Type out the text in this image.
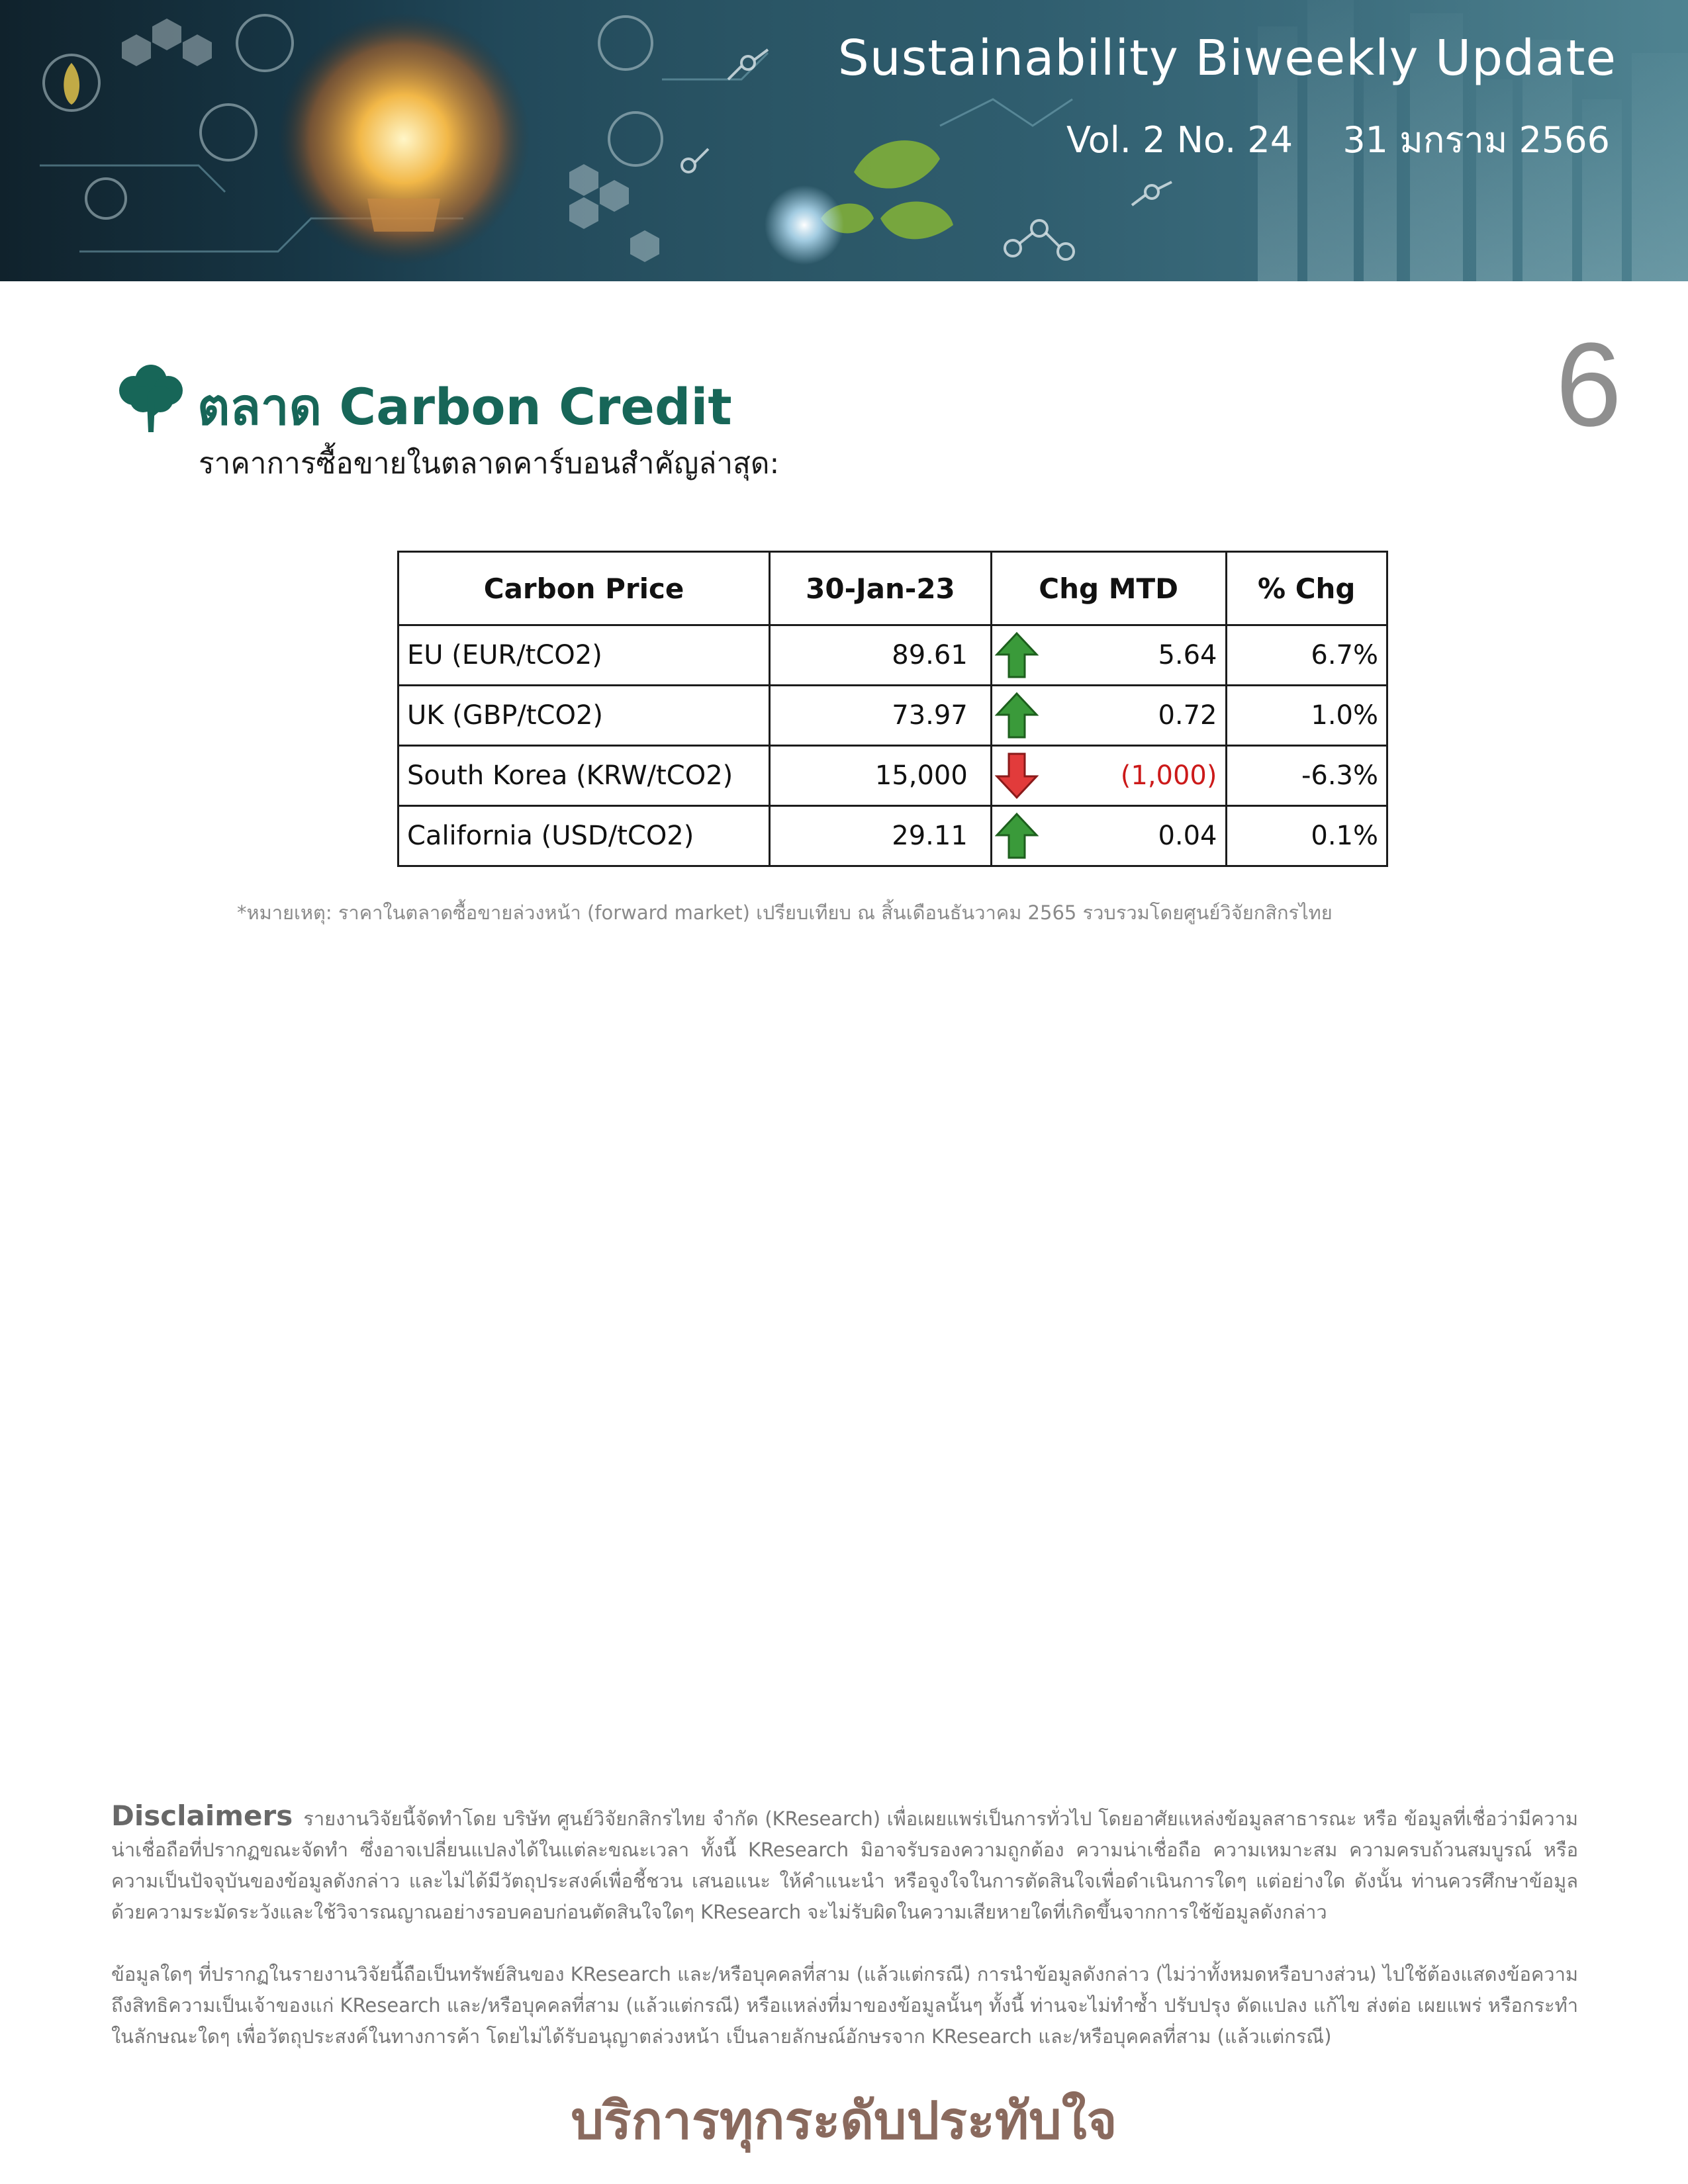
Sustainability Biweekly Update
Vol. 2 No. 24 31 มกราม 2566
ตลาด Carbon Credit	6
ราคาการซื้อขายในตลาดคาร์บอนสำคัญล่าสุด:
Carbon Price	30-Jan-23	Chg MTD	% Chg
EU (EUR/tCO2)	89.61	5.64	6.7%
UK (GBP/tCO2)	73.97	0.72	1.0%
South Korea (KRW/tCO2)	15,000	(1,000)	-6.3%
California (USD/tCO2)	29.11	0.04	0.1%
*หมายเหตุ: ราคาในตลาดซื้อขายล่วงหน้า (forward market) เปรียบเทียบ ณ สิ้นเดือนธันวาคม 2565 รวบรวมโดยศูนย์วิจัยกสิกรไทย
Disclaimers รายงานวิจัยนี้จัดทำโดย บริษัท ศูนย์วิจัยกสิกรไทย จำกัด (KResearch) เพื่อเผยแพร่เป็นการทั่วไป โดยอาศัยแหล่งข้อมูลสาธารณะ หรือ ข้อมูลที่เชื่อว่ามีความน่าเชื่อถือที่ปรากฏขณะจัดทำ ซึ่งอาจเปลี่ยนแปลงได้ในแต่ละขณะเวลา ทั้งนี้ KResearch มิอาจรับรองความถูกต้อง ความน่าเชื่อถือ ความเหมาะสม ความครบถ้วนสมบูรณ์ หรือความเป็นปัจจุบันของข้อมูลดังกล่าว และไม่ได้มีวัตถุประสงค์เพื่อชี้ชวน เสนอแนะ ให้คำแนะนำ หรือจูงใจในการตัดสินใจเพื่อดำเนินการใดๆ แต่อย่างใด ดังนั้น ท่านควรศึกษาข้อมูลด้วยความระมัดระวังและใช้วิจารณญาณอย่างรอบคอบก่อนตัดสินใจใดๆ KResearch จะไม่รับผิดในความเสียหายใดที่เกิดขึ้นจากการใช้ข้อมูลดังกล่าว
ข้อมูลใดๆ ที่ปรากฏในรายงานวิจัยนี้ถือเป็นทรัพย์สินของ KResearch และ/หรือบุคคลที่สาม (แล้วแต่กรณี) การนำข้อมูลดังกล่าว (ไม่ว่าทั้งหมดหรือบางส่วน) ไปใช้ต้องแสดงข้อความถึงสิทธิความเป็นเจ้าของแก่ KResearch และ/หรือบุคคลที่สาม (แล้วแต่กรณี) หรือแหล่งที่มาของข้อมูลนั้นๆ ทั้งนี้ ท่านจะไม่ทำซ้ำ ปรับปรุง ดัดแปลง แก้ไข ส่งต่อ เผยแพร่ หรือกระทำในลักษณะใดๆ เพื่อวัตถุประสงค์ในทางการค้า โดยไม่ได้รับอนุญาตล่วงหน้า เป็นลายลักษณ์อักษรจาก KResearch และ/หรือบุคคลที่สาม (แล้วแต่กรณี)
บริการทุกระดับประทับใจ
